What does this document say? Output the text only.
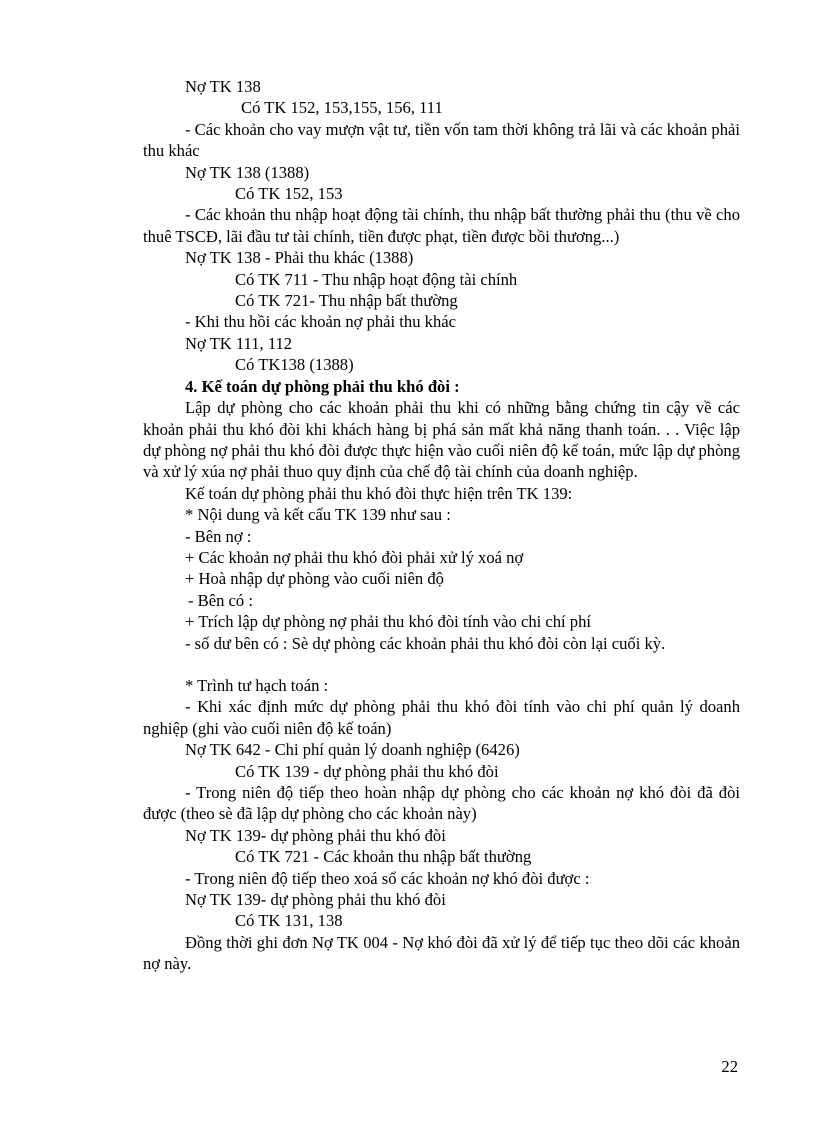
Nợ TK 138
Có TK 152, 153,155, 156, 111
- Các khoản cho vay mượn vật tư, tiền vốn tam thời không trả lãi và các khoản phải thu khác
Nợ TK 138 (1388)
Có TK 152, 153
- Các khoản thu nhập hoạt động tài chính, thu nhập bất thường phải thu (thu về cho thuê TSCĐ, lãi đầu tư tài chính, tiền được phạt, tiền được bồi thương...)
Nợ TK 138 - Phải thu khác (1388)
Có TK 711 - Thu nhập hoạt động tài chính
Có TK 721- Thu nhập bất thường
- Khi thu hồi các khoản nợ phải thu khác
Nợ TK 111, 112
Có TK138 (1388)
4. Kế toán dự phòng phải thu khó đòi :
Lập dự phòng cho các khoản phải thu khi có những bằng chứng tin cậy về các khoản phải thu khó đòi khi khách hàng bị phá sản mất khả năng thanh toán. . . Việc lập dự phòng nợ phải thu khó đòi được thực hiện vào cuối niên độ kế toán, mức lập dự phòng và xử lý xúa nợ phải thuo quy định của chế độ tài chính của doanh nghiệp.
Kế toán dự phòng phải thu khó đòi thực hiện trên TK 139:
* Nội dung và kết cấu TK 139 như sau :
- Bên nợ :
+ Các khoản nợ phải thu khó đòi phải xử lý xoá nợ
+ Hoà nhập dự phòng vào cuối niên độ
- Bên có :
+ Trích lập dự phòng nợ phải thu khó đòi tính vào chi chí phí
- số dư bên có : Sè dự phòng các khoản phải thu khó đòi còn lại cuối kỳ.
* Trình tư hạch toán :
- Khi xác định mức dự phòng phải thu khó đòi tính vào chi phí quản lý doanh nghiệp (ghi vào cuối niên độ kế toán)
Nợ TK 642 - Chi phí quản lý doanh nghiệp (6426)
Có TK 139 - dự phòng phải thu khó đòi
- Trong niên độ tiếp theo hoàn nhập dự phòng cho các khoản nợ khó đòi đã đòi được (theo sè đã lập dự phòng cho các khoản này)
Nợ TK 139- dự phòng phải thu khó đòi
Có TK 721 - Các khoản thu nhập bất thường
- Trong niên độ tiếp theo xoá sổ các khoản nợ khó đòi được :
Nợ TK 139- dự phòng phải thu khó đòi
Có TK 131, 138
Đồng thời ghi đơn Nợ TK 004 - Nợ khó đòi đã xử lý để tiếp tục theo dõi các khoản nợ này.
22
